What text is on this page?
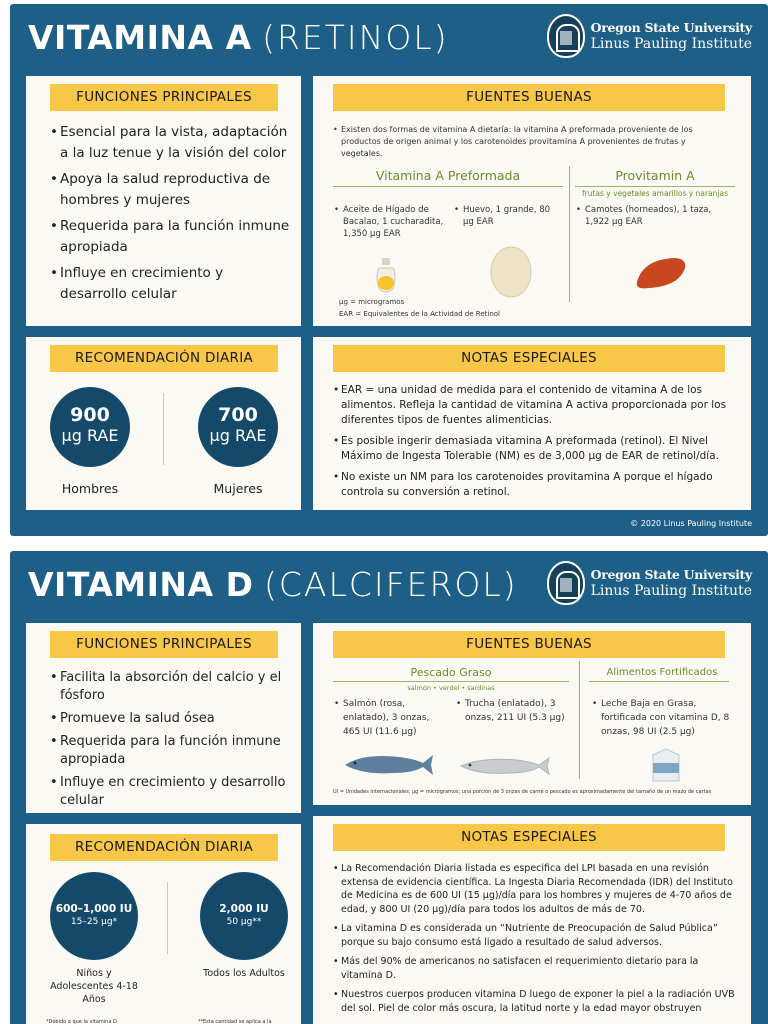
VITAMINA A (RETINOL)	Oregon State University
Linus Pauling Institute
FUNCIONES PRINCIPALES
• Esencial para la vista, adaptación a la luz tenue y la visión del color
• Apoya la salud reproductiva de hombres y mujeres
• Requerida para la función inmune apropiada
• Influye en crecimiento y desarrollo celular
FUENTES BUENAS
• Existen dos formas de vitamina A dietaría: la vitamina A preformada proveniente de los productos de origen animal y los carotenoides provitamina A provenientes de frutas y vegetales.
Vitamina A Preformada	Provitamin A
frutas y vegetales amarillos y naranjas
• Aceite de Hígado de Bacalao, 1 cucharadita, 1,350 μg EAR
• Huevo, 1 grande, 80 μg EAR
• Camotes (horneados), 1 taza, 1,922 μg EAR
μg = microgramos
EAR = Equivalentes de la Actividad de Retinol
RECOMENDACIÓN DIARIA
900
μg RAE
Hombres
700
μg RAE
Mujeres
NOTAS ESPECIALES
• EAR = una unidad de medida para el contenido de vitamina A de los alimentos. Refleja la cantidad de vitamina A activa proporcionada por los diferentes tipos de fuentes alimenticias.
• Es posible ingerir demasiada vitamina A preformada (retinol). El Nivel Máximo de Ingesta Tolerable (NM) es de 3,000 μg de EAR de retinol/día.
• No existe un NM para los carotenoides provitamina A porque el hígado controla su conversión a retinol.
© 2020 Linus Pauling Institute
VITAMINA D (CALCIFEROL)	Oregon State University
Linus Pauling Institute
FUNCIONES PRINCIPALES
• Facilita la absorción del calcio y el fósforo
• Promueve la salud ósea
• Requerida para la función inmune apropiada
• Influye en crecimiento y desarrollo celular
FUENTES BUENAS
Pescado Graso
salmón • verdel • sardinas
Alimentos Fortificados
• Salmón (rosa, enlatado), 3 onzas, 465 UI (11.6 μg)
• Trucha (enlatado), 3 onzas, 211 UI (5.3 μg)
• Leche Baja en Grasa, fortificada con vitamina D, 8 onzas, 98 UI (2.5 μg)
UI = Unidades internacionales; μg = microgramos; una porción de 3 onzas de carne o pescado es aproximadamente del tamaño de un mazo de cartas
RECOMENDACIÓN DIARIA
600–1,000 IU
15–25 μg*
Niños y Adolescentes 4-18 Años
2,000 IU
50 μg**
Todos los Adultos
*Debido a que la vitamina D	**Esta cantidad se aplica a la
NOTAS ESPECIALES
• La Recomendación Diaria listada es especifica del LPI basada en una revisión extensa de evidencia científica. La Ingesta Diaria Recomendada (IDR) del Instituto de Medicina es de 600 UI (15 μg)/día para los hombres y mujeres de 4-70 años de edad, y 800 UI (20 μg)/día para todos los adultos de más de 70.
• La vitamina D es considerada un “Nutriente de Preocupación de Salud Pública” porque su bajo consumo está ligado a resultado de salud adversos.
• Más del 90% de americanos no satisfacen el requerimiento dietario para la vitamina D.
• Nuestros cuerpos producen vitamina D luego de exponer la piel a la radiación UVB del sol. Piel de color más oscura, la latitud norte y la edad mayor obstruyen
